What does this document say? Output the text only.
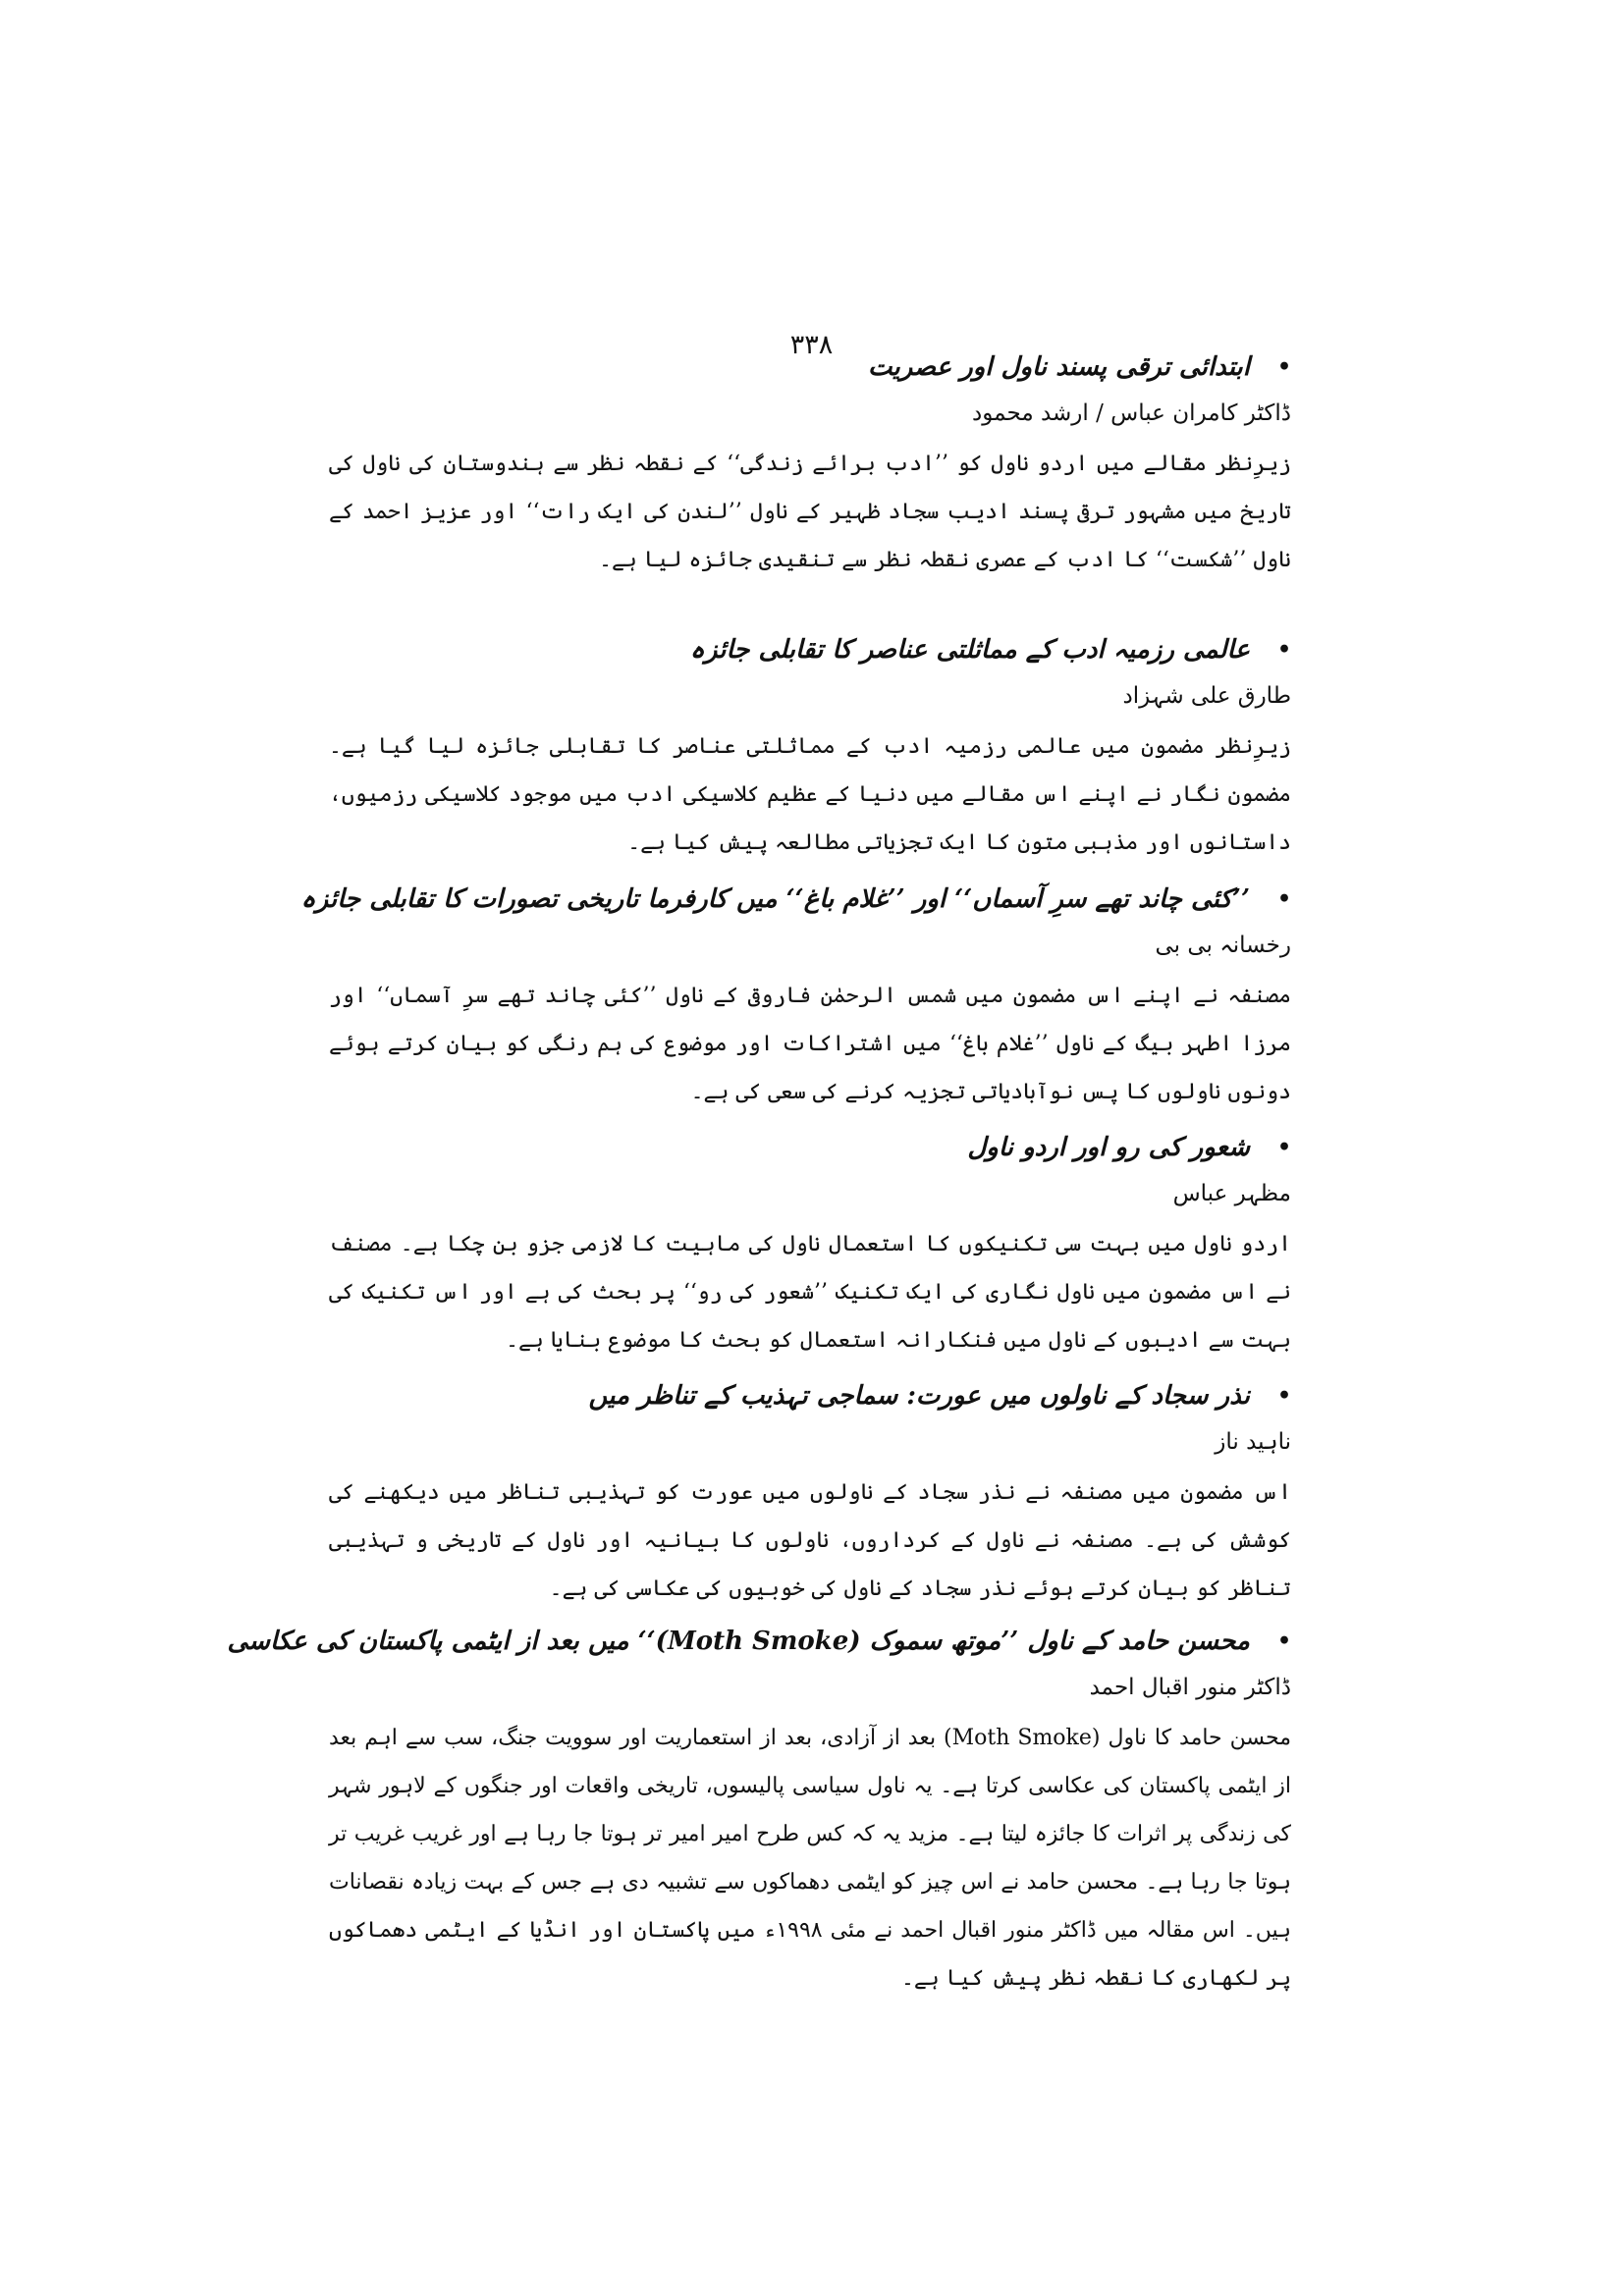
۳۳۸
•
ابتدائی ترقی پسند ناول اور عصریت
ڈاکٹر کامران عباس / ارشد محمود
زیرِنظر مقالے میں اردو ناول کو ’’ادب برائے زندگی‘‘ کے نقطہ نظر سے ہندوستان کی ناول کی تاریخ میں مشہور ترقی پسند ادیب سجاد ظہیر کے ناول ’’لندن کی ایک رات‘‘ اور عزیز احمد کے ناول ’’شکست‘‘ کا ادب کے عصری نقطہ نظر سے تنقیدی جائزہ لیا ہے۔
•
عالمی رزمیہ ادب کے مماثلتی عناصر کا تقابلی جائزہ
طارق علی شہزاد
زیرِنظر مضمون میں عالمی رزمیہ ادب کے مماثلتی عناصر کا تقابلی جائزہ لیا گیا ہے۔ مضمون نگار نے اپنے اس مقالے میں دنیا کے عظیم کلاسیکی ادب میں موجود کلاسیکی رزمیوں، داستانوں اور مذہبی متون کا ایک تجزیاتی مطالعہ پیش کیا ہے۔
•
’’کئی چاند تھے سرِ آسماں‘‘ اور ’’غلام باغ‘‘ میں کارفرما تاریخی تصورات کا تقابلی جائزہ
رخسانہ بی بی
مصنفہ نے اپنے اس مضمون میں شمس الرحمٰن فاروقی کے ناول ’’کئی چاند تھے سرِ آسماں‘‘ اور مرزا اطہر بیگ کے ناول ’’غلام باغ‘‘ میں اشتراکات اور موضوع کی ہم رنگی کو بیان کرتے ہوئے دونوں ناولوں کا پس نوآبادیاتی تجزیہ کرنے کی سعی کی ہے۔
•
شعور کی رو اور اردو ناول
مظہر عباس
اردو ناول میں بہت سی تکنیکوں کا استعمال ناول کی ماہیت کا لازمی جزو بن چکا ہے۔ مصنف نے اس مضمون میں ناول نگاری کی ایک تکنیک ’’شعور کی رو‘‘ پر بحث کی ہے اور اس تکنیک کی بہت سے ادیبوں کے ناول میں فنکارانہ استعمال کو بحث کا موضوع بنایا ہے۔
•
نذر سجاد کے ناولوں میں عورت: سماجی تہذیب کے تناظر میں
ناہید ناز
اس مضمون میں مصنفہ نے نذر سجاد کے ناولوں میں عورت کو تہذیبی تناظر میں دیکھنے کی کوشش کی ہے۔ مصنفہ نے ناول کے کرداروں، ناولوں کا بیانیہ اور ناول کے تاریخی و تہذیبی تناظر کو بیان کرتے ہوئے نذر سجاد کے ناول کی خوبیوں کی عکاسی کی ہے۔
•
محسن حامد کے ناول ’’موتھ سموک (Moth Smoke)‘‘ میں بعد از ایٹمی پاکستان کی عکاسی
ڈاکٹر منور اقبال احمد
محسن حامد کا ناول (Moth Smoke) بعد از آزادی، بعد از استعماریت اور سوویت جنگ، سب سے اہم بعد از ایٹمی پاکستان کی عکاسی کرتا ہے۔ یہ ناول سیاسی پالیسوں، تاریخی واقعات اور جنگوں کے لاہور شہر کی زندگی پر اثرات کا جائزہ لیتا ہے۔ مزید یہ کہ کس طرح امیر امیر تر ہوتا جا رہا ہے اور غریب غریب تر ہوتا جا رہا ہے۔ محسن حامد نے اس چیز کو ایٹمی دھماکوں سے تشبیہ دی ہے جس کے بہت زیادہ نقصانات ہیں۔ اس مقالہ میں ڈاکٹر منور اقبال احمد نے مئی ۱۹۹۸ء میں پاکستان اور انڈیا کے ایٹمی دھماکوں پر لکھاری کا نقطہ نظر پیش کیا ہے۔
